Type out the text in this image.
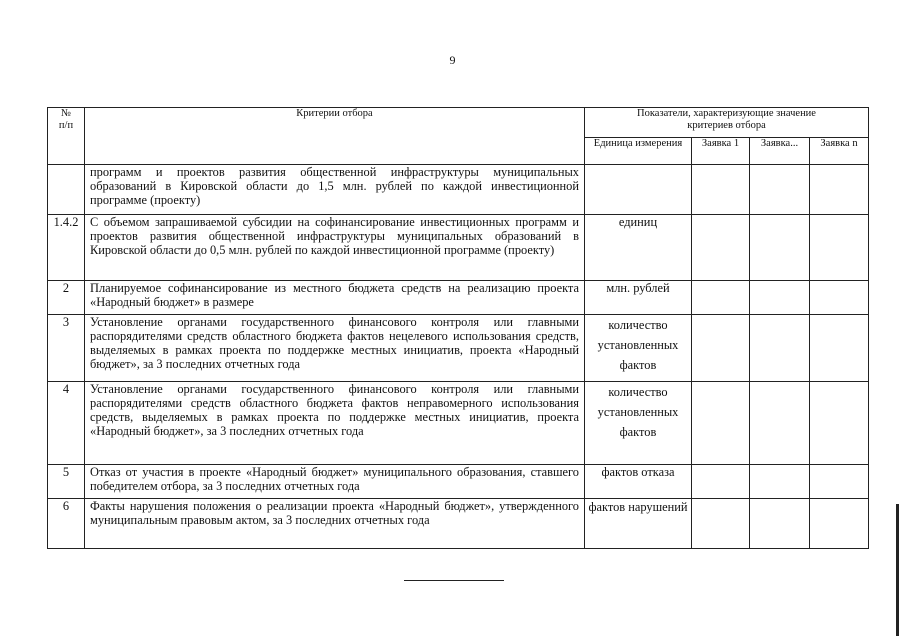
9
№
п/п	Критерии отбора	Показатели, характеризующие значение критериев отбора			
		Единица измерения	Заявка 1	Заявка...	Заявка n
	программ и проектов развития общественной инфраструктуры муниципальных образований в Кировской области до 1,5 млн. рублей по каждой инвестиционной программе (проекту)				
1.4.2	С объемом запрашиваемой субсидии на софинансирование инвестиционных программ и проектов развития общественной инфраструктуры муниципальных образований в Кировской области до 0,5 млн. рублей по каждой инвестиционной программе (проекту)	единиц			
2	Планируемое софинансирование из местного бюджета средств на реализацию проекта «Народный бюджет» в размере	млн. рублей			
3	Установление органами государственного финансового контроля или главными распорядителями средств областного бюджета фактов нецелевого использования средств, выделяемых в рамках проекта по поддержке местных инициатив, проекта «Народный бюджет», за 3 последних отчетных года	количество установленных фактов			
4	Установление органами государственного финансового контроля или главными распорядителями средств областного бюджета фактов неправомерного использования средств, выделяемых в рамках проекта по поддержке местных инициатив, проекта «Народный бюджет», за 3 последних отчетных года	количество установленных фактов			
5	Отказ от участия в проекте «Народный бюджет» муниципального образования, ставшего победителем отбора, за 3 последних отчетных года	фактов отказа			
6	Факты нарушения положения о реализации проекта «Народный бюджет», утвержденного муниципальным правовым актом, за 3 последних отчетных года	фактов нарушений			
